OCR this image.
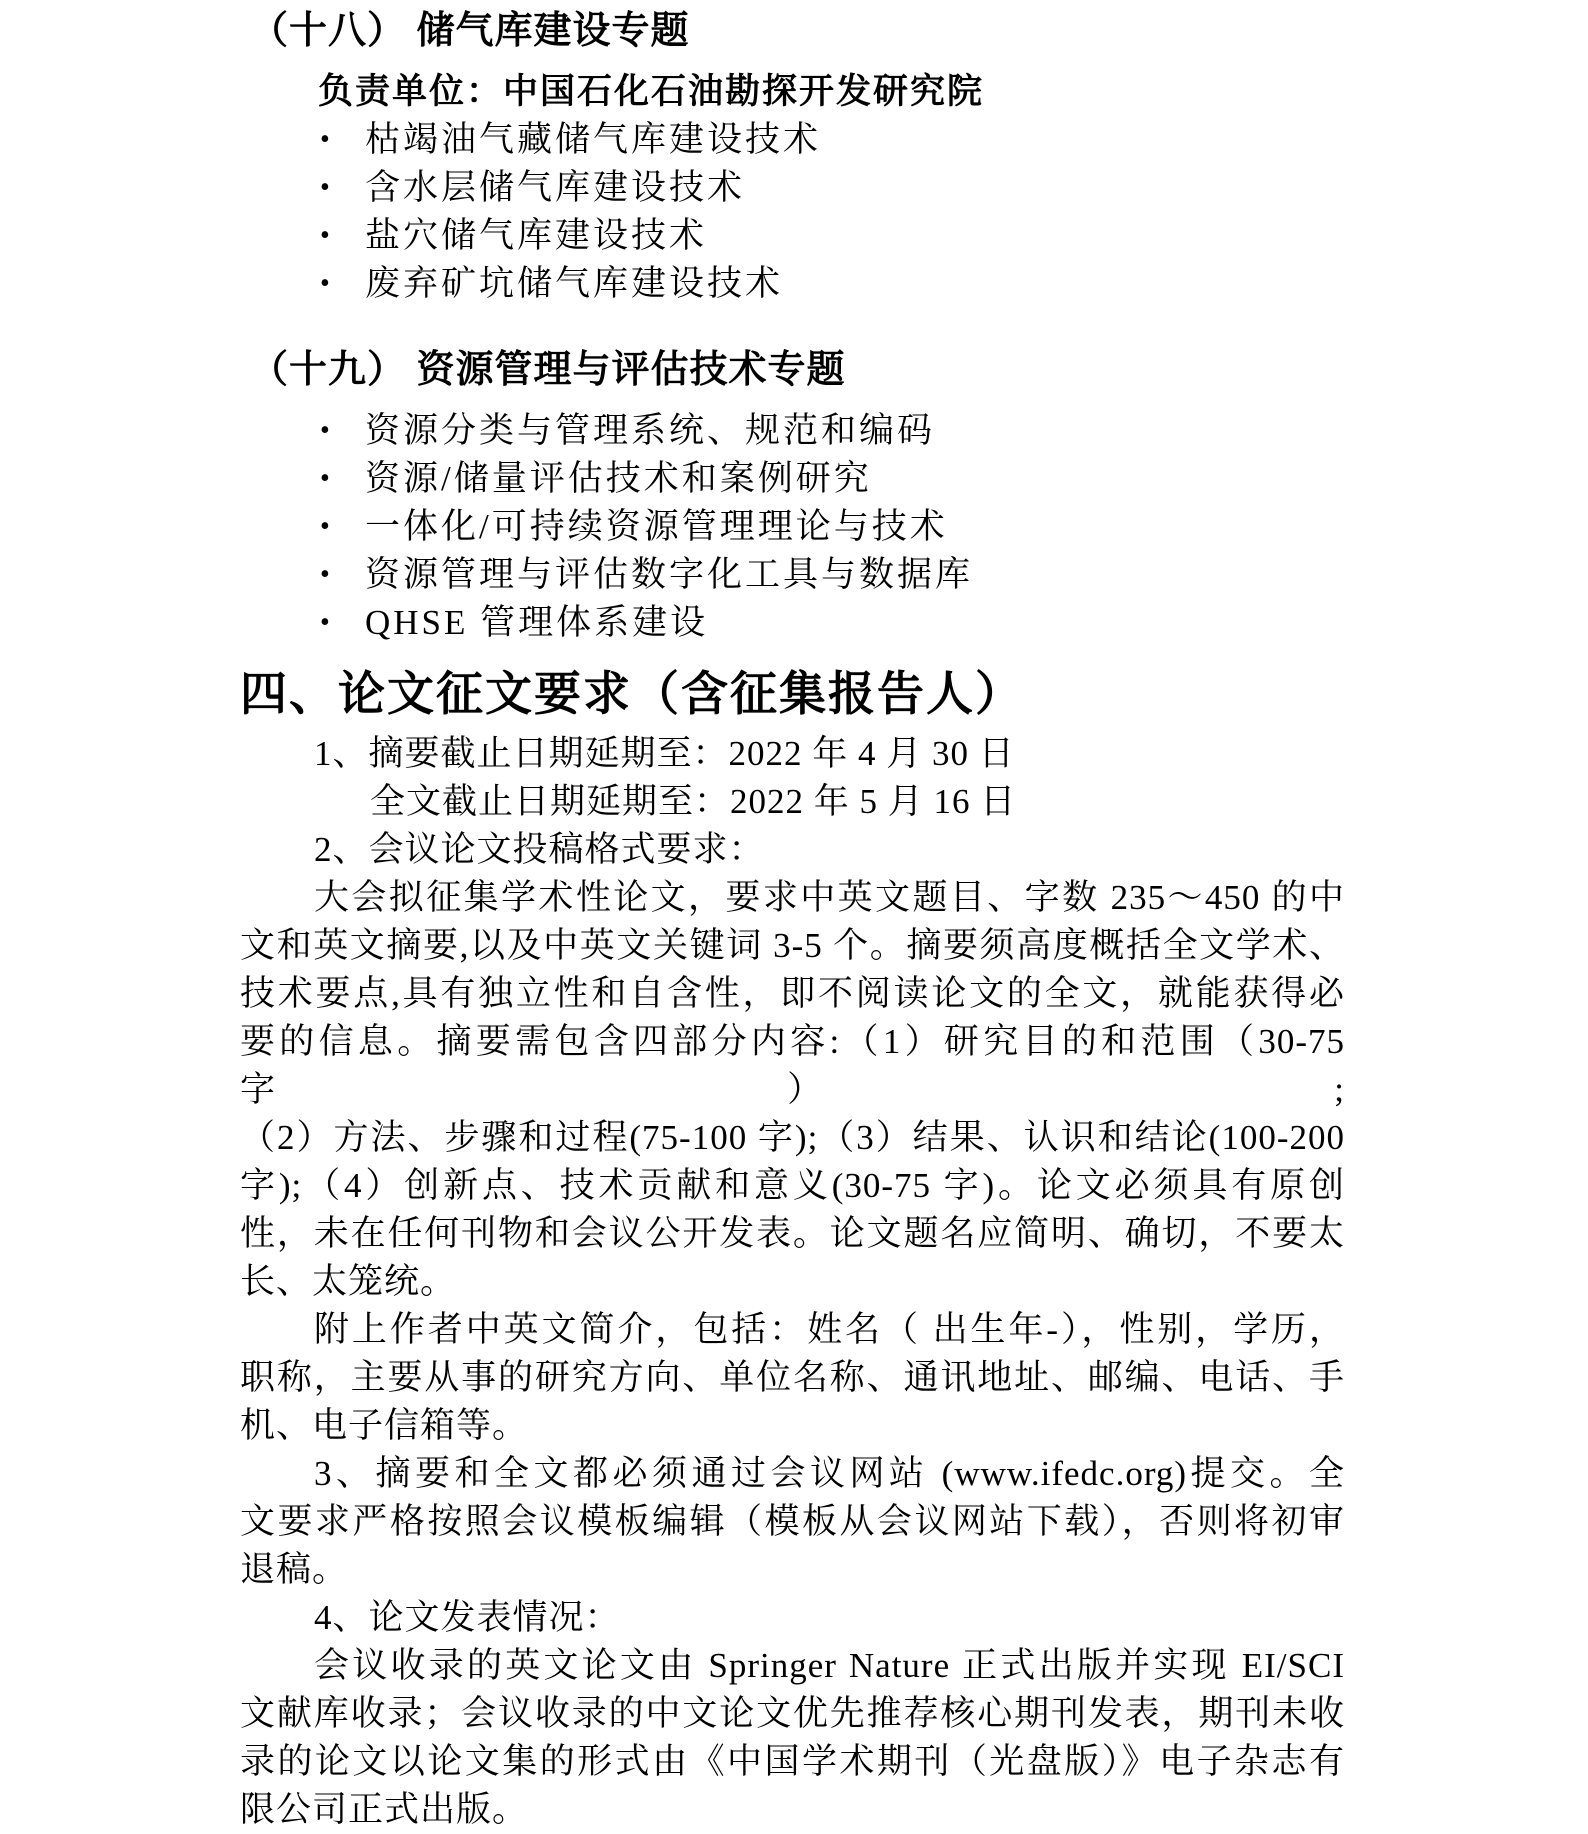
（十八） 储气库建设专题
负责单位：中国石化石油勘探开发研究院
• 枯竭油气藏储气库建设技术
• 含水层储气库建设技术
• 盐穴储气库建设技术
• 废弃矿坑储气库建设技术
（十九） 资源管理与评估技术专题
• 资源分类与管理系统、规范和编码
• 资源/储量评估技术和案例研究
• 一体化/可持续资源管理理论与技术
• 资源管理与评估数字化工具与数据库
• QHSE 管理体系建设
四、论文征文要求（含征集报告人）
1、摘要截止日期延期至：2022 年 4 月 30 日
全文截止日期延期至：2022 年 5 月 16 日
2、会议论文投稿格式要求：
大会拟征集学术性论文，要求中英文题目、字数 235～450 的中
文和英文摘要,以及中英文关键词 3-5 个。摘要须高度概括全文学术、
技术要点,具有独立性和自含性，即不阅读论文的全文，就能获得必
要的信息。摘要需包含四部分内容:（1）研究目的和范围（30-75 字）;
（2）方法、步骤和过程(75-100 字);（3）结果、认识和结论(100-200
字);（4）创新点、技术贡献和意义(30-75 字)。论文必须具有原创
性，未在任何刊物和会议公开发表。论文题名应简明、确切，不要太
长、太笼统。
附上作者中英文简介，包括：姓名（ 出生年-），性别，学历，
职称，主要从事的研究方向、单位名称、通讯地址、邮编、电话、手
机、电子信箱等。
3、摘要和全文都必须通过会议网站 (www.ifedc.org)提交。全
文要求严格按照会议模板编辑（模板从会议网站下载），否则将初审
退稿。
4、论文发表情况：
会议收录的英文论文由 Springer Nature 正式出版并实现 EI/SCI
文献库收录；会议收录的中文论文优先推荐核心期刊发表，期刊未收
录的论文以论文集的形式由《中国学术期刊（光盘版）》电子杂志有
限公司正式出版。
